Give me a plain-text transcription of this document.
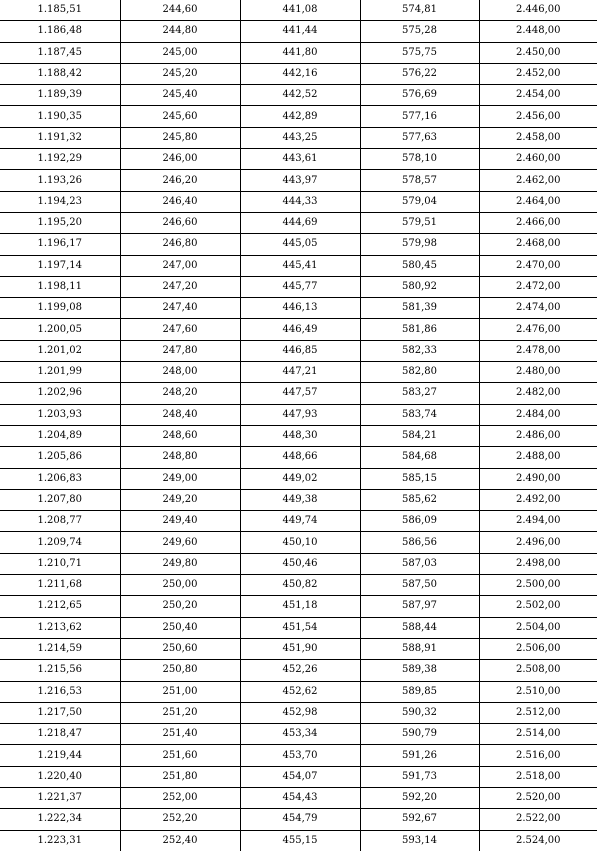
1.185,51	244,60	441,08	574,81	2.446,00
1.186,48	244,80	441,44	575,28	2.448,00
1.187,45	245,00	441,80	575,75	2.450,00
1.188,42	245,20	442,16	576,22	2.452,00
1.189,39	245,40	442,52	576,69	2.454,00
1.190,35	245,60	442,89	577,16	2.456,00
1.191,32	245,80	443,25	577,63	2.458,00
1.192,29	246,00	443,61	578,10	2.460,00
1.193,26	246,20	443,97	578,57	2.462,00
1.194,23	246,40	444,33	579,04	2.464,00
1.195,20	246,60	444,69	579,51	2.466,00
1.196,17	246,80	445,05	579,98	2.468,00
1.197,14	247,00	445,41	580,45	2.470,00
1.198,11	247,20	445,77	580,92	2.472,00
1.199,08	247,40	446,13	581,39	2.474,00
1.200,05	247,60	446,49	581,86	2.476,00
1.201,02	247,80	446,85	582,33	2.478,00
1.201,99	248,00	447,21	582,80	2.480,00
1.202,96	248,20	447,57	583,27	2.482,00
1.203,93	248,40	447,93	583,74	2.484,00
1.204,89	248,60	448,30	584,21	2.486,00
1.205,86	248,80	448,66	584,68	2.488,00
1.206,83	249,00	449,02	585,15	2.490,00
1.207,80	249,20	449,38	585,62	2.492,00
1.208,77	249,40	449,74	586,09	2.494,00
1.209,74	249,60	450,10	586,56	2.496,00
1.210,71	249,80	450,46	587,03	2.498,00
1.211,68	250,00	450,82	587,50	2.500,00
1.212,65	250,20	451,18	587,97	2.502,00
1.213,62	250,40	451,54	588,44	2.504,00
1.214,59	250,60	451,90	588,91	2.506,00
1.215,56	250,80	452,26	589,38	2.508,00
1.216,53	251,00	452,62	589,85	2.510,00
1.217,50	251,20	452,98	590,32	2.512,00
1.218,47	251,40	453,34	590,79	2.514,00
1.219,44	251,60	453,70	591,26	2.516,00
1.220,40	251,80	454,07	591,73	2.518,00
1.221,37	252,00	454,43	592,20	2.520,00
1.222,34	252,20	454,79	592,67	2.522,00
1.223,31	252,40	455,15	593,14	2.524,00
